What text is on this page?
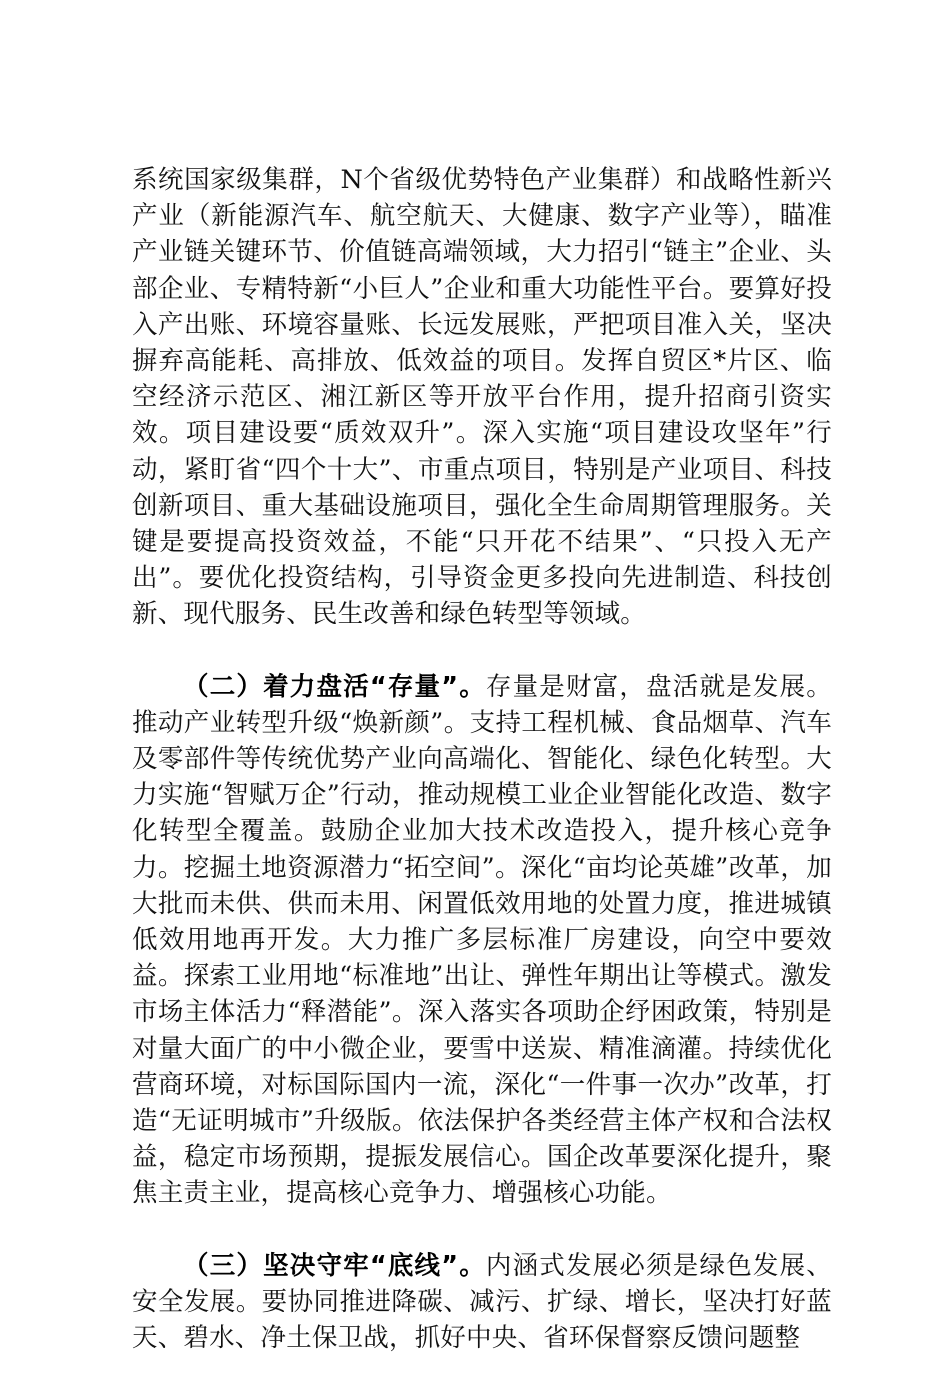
系统国家级集群，N个省级优势特色产业集群）和战略性新兴产业（新能源汽车、航空航天、大健康、数字产业等），瞄准产业链关键环节、价值链高端领域，大力招引“链主”企业、头部企业、专精特新“小巨人”企业和重大功能性平台。要算好投入产出账、环境容量账、长远发展账，严把项目准入关，坚决摒弃高能耗、高排放、低效益的项目。发挥自贸区*片区、临空经济示范区、湘江新区等开放平台作用，提升招商引资实效。项目建设要“质效双升”。深入实施“项目建设攻坚年”行动，紧盯省“四个十大”、市重点项目，特别是产业项目、科技创新项目、重大基础设施项目，强化全生命周期管理服务。关键是要提高投资效益，不能“只开花不结果”、“只投入无产出”。要优化投资结构，引导资金更多投向先进制造、科技创新、现代服务、民生改善和绿色转型等领域。

（二）着力盘活“存量”。存量是财富，盘活就是发展。推动产业转型升级“焕新颜”。支持工程机械、食品烟草、汽车及零部件等传统优势产业向高端化、智能化、绿色化转型。大力实施“智赋万企”行动，推动规模工业企业智能化改造、数字化转型全覆盖。鼓励企业加大技术改造投入，提升核心竞争力。挖掘土地资源潜力“拓空间”。深化“亩均论英雄”改革，加大批而未供、供而未用、闲置低效用地的处置力度，推进城镇低效用地再开发。大力推广多层标准厂房建设，向空中要效益。探索工业用地“标准地”出让、弹性年期出让等模式。激发市场主体活力“释潜能”。深入落实各项助企纾困政策，特别是对量大面广的中小微企业，要雪中送炭、精准滴灌。持续优化营商环境，对标国际国内一流，深化“一件事一次办”改革，打造“无证明城市”升级版。依法保护各类经营主体产权和合法权益，稳定市场预期，提振发展信心。国企改革要深化提升，聚焦主责主业，提高核心竞争力、增强核心功能。

（三）坚决守牢“底线”。内涵式发展必须是绿色发展、安全发展。要协同推进降碳、减污、扩绿、增长，坚决打好蓝天、碧水、净土保卫战，抓好中央、省环保督察反馈问题整
